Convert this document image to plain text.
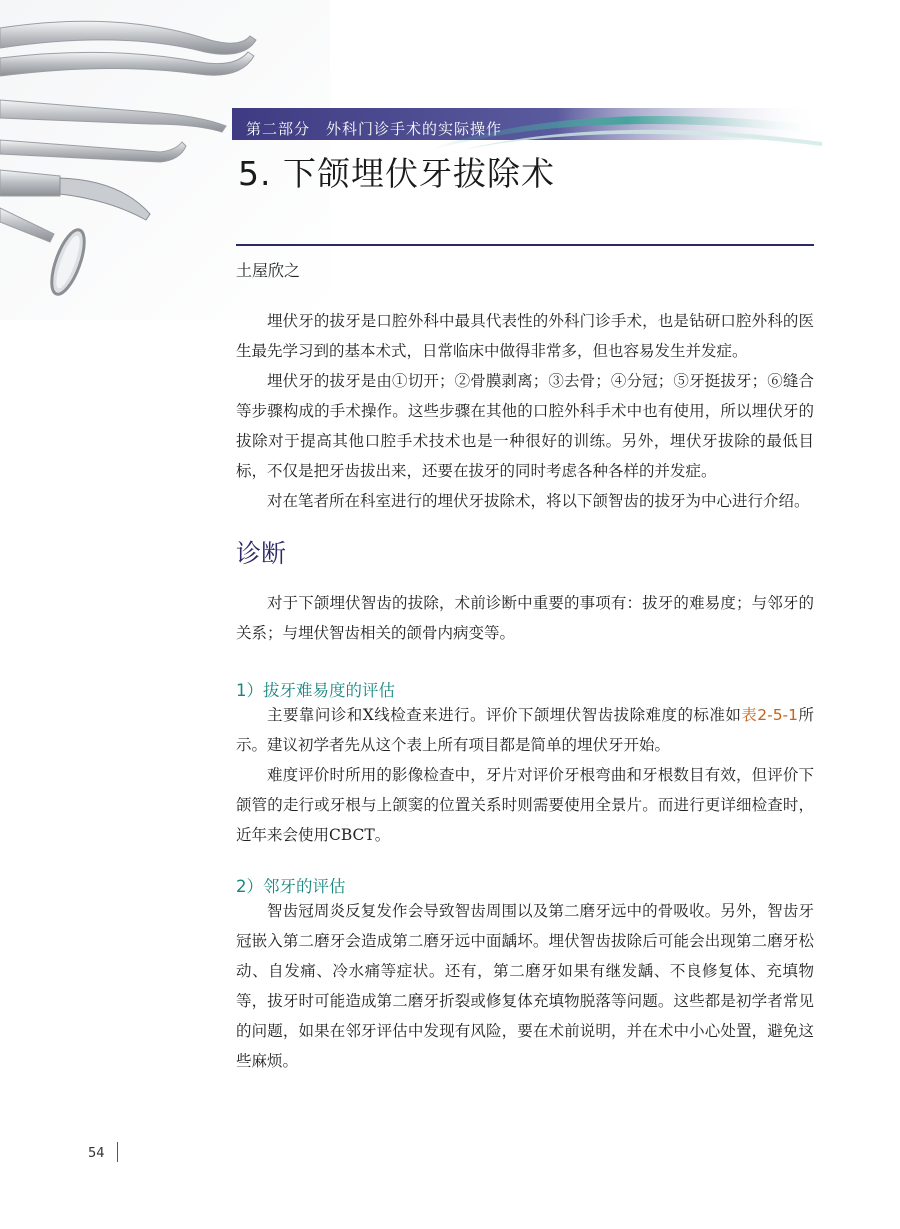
第二部分　外科门诊手术的实际操作
5. 下颌埋伏牙拔除术
土屋欣之

埋伏牙的拔牙是口腔外科中最具代表性的外科门诊手术，也是钻研口腔外科的医生最先学习到的基本术式，日常临床中做得非常多，但也容易发生并发症。

埋伏牙的拔牙是由①切开；②骨膜剥离；③去骨；④分冠；⑤牙挺拔牙；⑥缝合等步骤构成的手术操作。这些步骤在其他的口腔外科手术中也有使用，所以埋伏牙的拔除对于提高其他口腔手术技术也是一种很好的训练。另外，埋伏牙拔除的最低目标，不仅是把牙齿拔出来，还要在拔牙的同时考虑各种各样的并发症。

对在笔者所在科室进行的埋伏牙拔除术，将以下颌智齿的拔牙为中心进行介绍。

诊断

对于下颌埋伏智齿的拔除，术前诊断中重要的事项有：拔牙的难易度；与邻牙的关系；与埋伏智齿相关的颌骨内病变等。

1）拔牙难易度的评估

主要靠问诊和X线检查来进行。评价下颌埋伏智齿拔除难度的标准如表2-5-1所示。建议初学者先从这个表上所有项目都是简单的埋伏牙开始。

难度评价时所用的影像检查中，牙片对评价牙根弯曲和牙根数目有效，但评价下颌管的走行或牙根与上颌窦的位置关系时则需要使用全景片。而进行更详细检查时，近年来会使用CBCT。

2）邻牙的评估

智齿冠周炎反复发作会导致智齿周围以及第二磨牙远中的骨吸收。另外，智齿牙冠嵌入第二磨牙会造成第二磨牙远中面龋坏。埋伏智齿拔除后可能会出现第二磨牙松动、自发痛、冷水痛等症状。还有，第二磨牙如果有继发龋、不良修复体、充填物等，拔牙时可能造成第二磨牙折裂或修复体充填物脱落等问题。这些都是初学者常见的问题，如果在邻牙评估中发现有风险，要在术前说明，并在术中小心处置，避免这些麻烦。

54
